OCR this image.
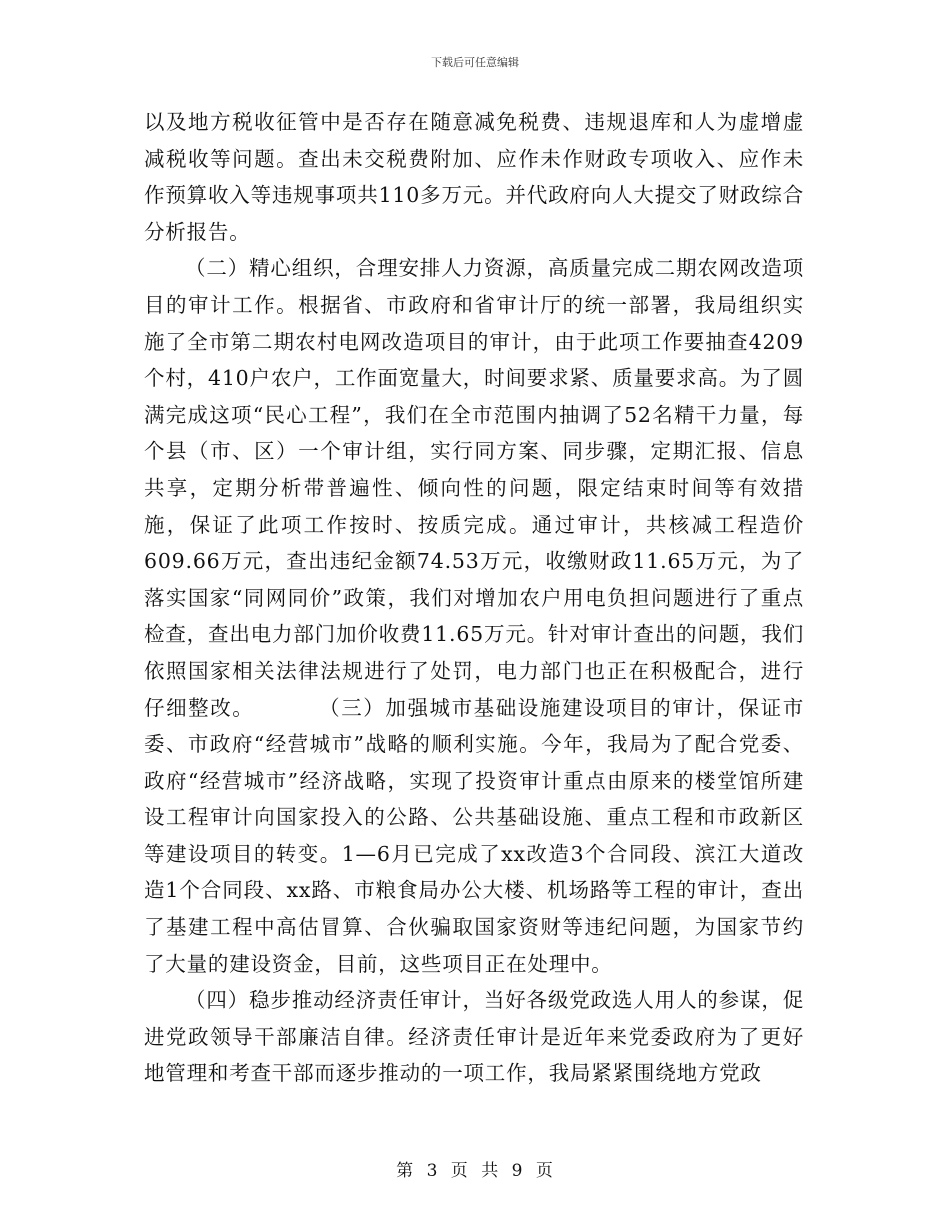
下载后可任意编辑

以及地方税收征管中是否存在随意减免税费、违规退库和人为虚增虚减税收等问题。查出未交税费附加、应作未作财政专项收入、应作未作预算收入等违规事项共110多万元。并代政府向人大提交了财政综合分析报告。

（二）精心组织，合理安排人力资源，高质量完成二期农网改造项目的审计工作。根据省、市政府和省审计厅的统一部署，我局组织实施了全市第二期农村电网改造项目的审计，由于此项工作要抽查4209个村，410户农户，工作面宽量大，时间要求紧、质量要求高。为了圆满完成这项“民心工程”，我们在全市范围内抽调了52名精干力量，每个县（市、区）一个审计组，实行同方案、同步骤，定期汇报、信息共享，定期分析带普遍性、倾向性的问题，限定结束时间等有效措施，保证了此项工作按时、按质完成。通过审计，共核减工程造价609.66万元，查出违纪金额74.53万元，收缴财政11.65万元，为了落实国家“同网同价”政策，我们对增加农户用电负担问题进行了重点检查，查出电力部门加价收费11.65万元。针对审计查出的问题，我们依照国家相关法律法规进行了处罚，电力部门也正在积极配合，进行仔细整改。	（三）加强城市基础设施建设项目的审计，保证市委、市政府“经营城市”战略的顺利实施。今年，我局为了配合党委、政府“经营城市”经济战略，实现了投资审计重点由原来的楼堂馆所建设工程审计向国家投入的公路、公共基础设施、重点工程和市政新区等建设项目的转变。1—6月已完成了xx改造3个合同段、滨江大道改造1个合同段、xx路、市粮食局办公大楼、机场路等工程的审计，查出了基建工程中高估冒算、合伙骗取国家资财等违纪问题，为国家节约了大量的建设资金，目前，这些项目正在处理中。

（四）稳步推动经济责任审计，当好各级党政选人用人的参谋，促进党政领导干部廉洁自律。经济责任审计是近年来党委政府为了更好地管理和考查干部而逐步推动的一项工作，我局紧紧围绕地方党政

第 3 页 共 9 页
